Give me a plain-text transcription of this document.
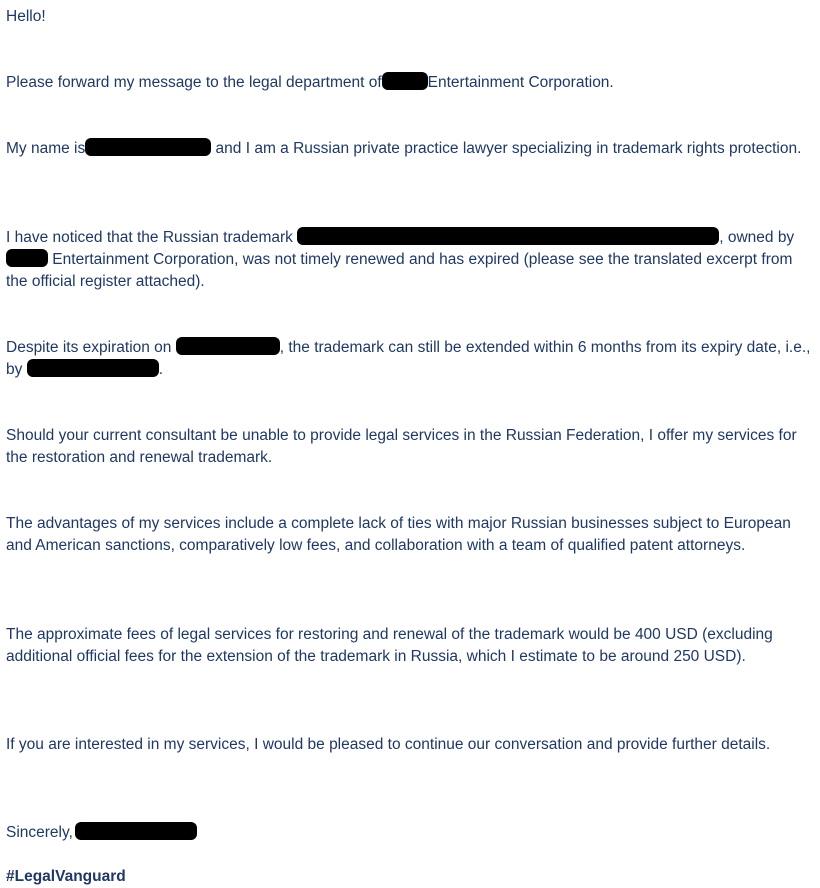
Hello!

Please forward my message to the legal department of	Entertainment Corporation.

My name is	and I am a Russian private practice lawyer specializing in trademark rights protection.

I have noticed that the Russian trademark	, owned by  Entertainment Corporation, was not timely renewed and has expired (please see the translated excerpt from the official register attached).

Despite its expiration on	, the trademark can still be extended within 6 months from its expiry date, i.e., by	.

Should your current consultant be unable to provide legal services in the Russian Federation, I offer my services for the restoration and renewal trademark.

The advantages of my services include a complete lack of ties with major Russian businesses subject to European and American sanctions, comparatively low fees, and collaboration with a team of qualified patent attorneys.

The approximate fees of legal services for restoring and renewal of the trademark would be 400 USD (excluding additional official fees for the extension of the trademark in Russia, which I estimate to be around 250 USD).

If you are interested in my services, I would be pleased to continue our conversation and provide further details.

Sincerely,

#LegalVanguard
